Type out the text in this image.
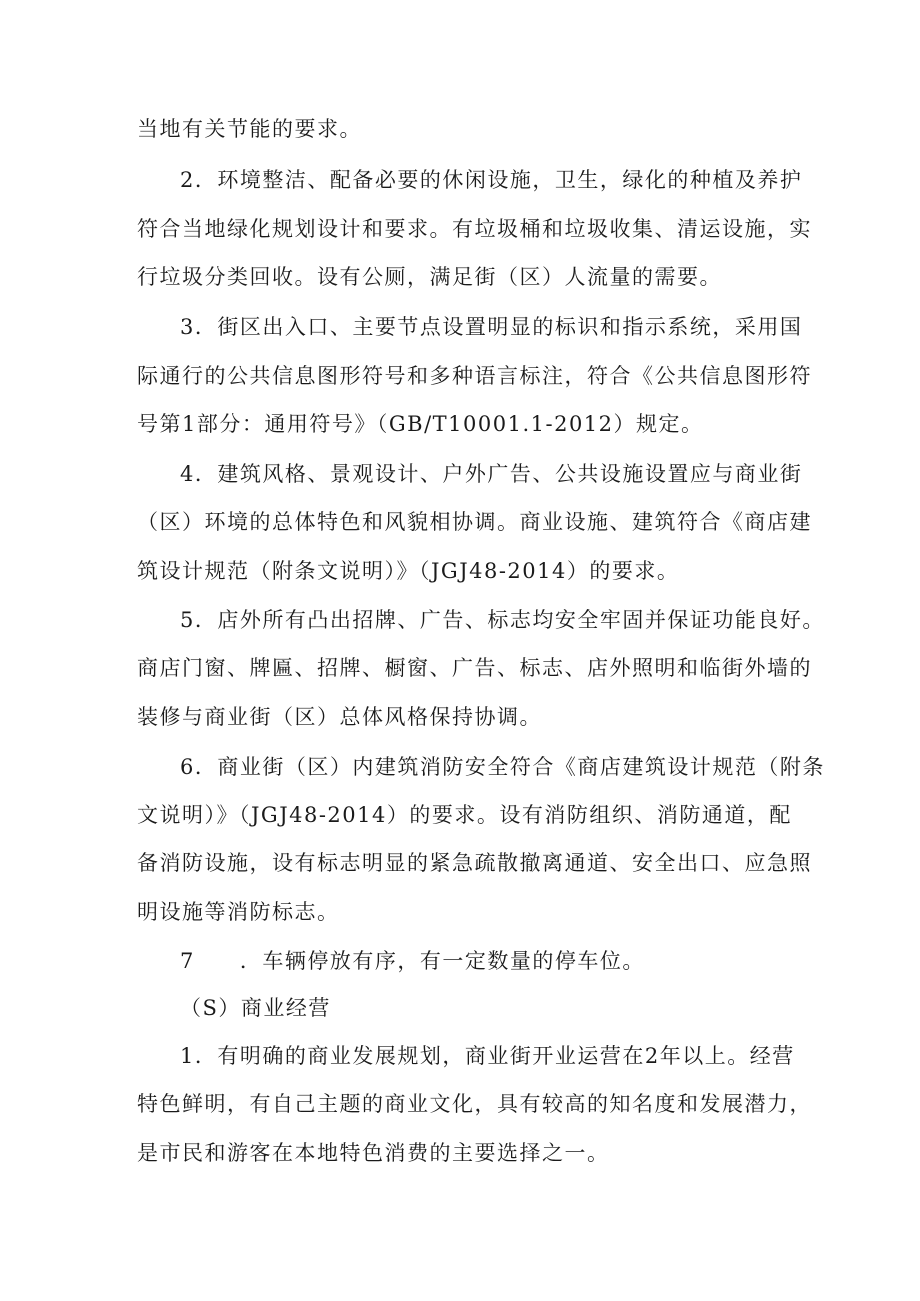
当地有关节能的要求。
2．环境整洁、配备必要的休闲设施，卫生，绿化的种植及养护
符合当地绿化规划设计和要求。有垃圾桶和垃圾收集、清运设施，实
行垃圾分类回收。设有公厕，满足街（区）人流量的需要。
3．街区出入口、主要节点设置明显的标识和指示系统，采用国
际通行的公共信息图形符号和多种语言标注，符合《公共信息图形符
号第1部分：通用符号》（GB/T10001.1-2012）规定。
4．建筑风格、景观设计、户外广告、公共设施设置应与商业街
（区）环境的总体特色和风貌相协调。商业设施、建筑符合《商店建
筑设计规范（附条文说明）》（JGJ48-2014）的要求。
5．店外所有凸出招牌、广告、标志均安全牢固并保证功能良好。
商店门窗、牌匾、招牌、橱窗、广告、标志、店外照明和临街外墙的
装修与商业街（区）总体风格保持协调。
6．商业街（区）内建筑消防安全符合《商店建筑设计规范（附条
文说明）》（JGJ48-2014）的要求。设有消防组织、消防通道，配
备消防设施，设有标志明显的紧急疏散撤离通道、安全出口、应急照
明设施等消防标志。
7　　．车辆停放有序，有一定数量的停车位。
（S）商业经营
1．有明确的商业发展规划，商业街开业运营在2年以上。经营
特色鲜明，有自己主题的商业文化，具有较高的知名度和发展潜力，
是市民和游客在本地特色消费的主要选择之一。
